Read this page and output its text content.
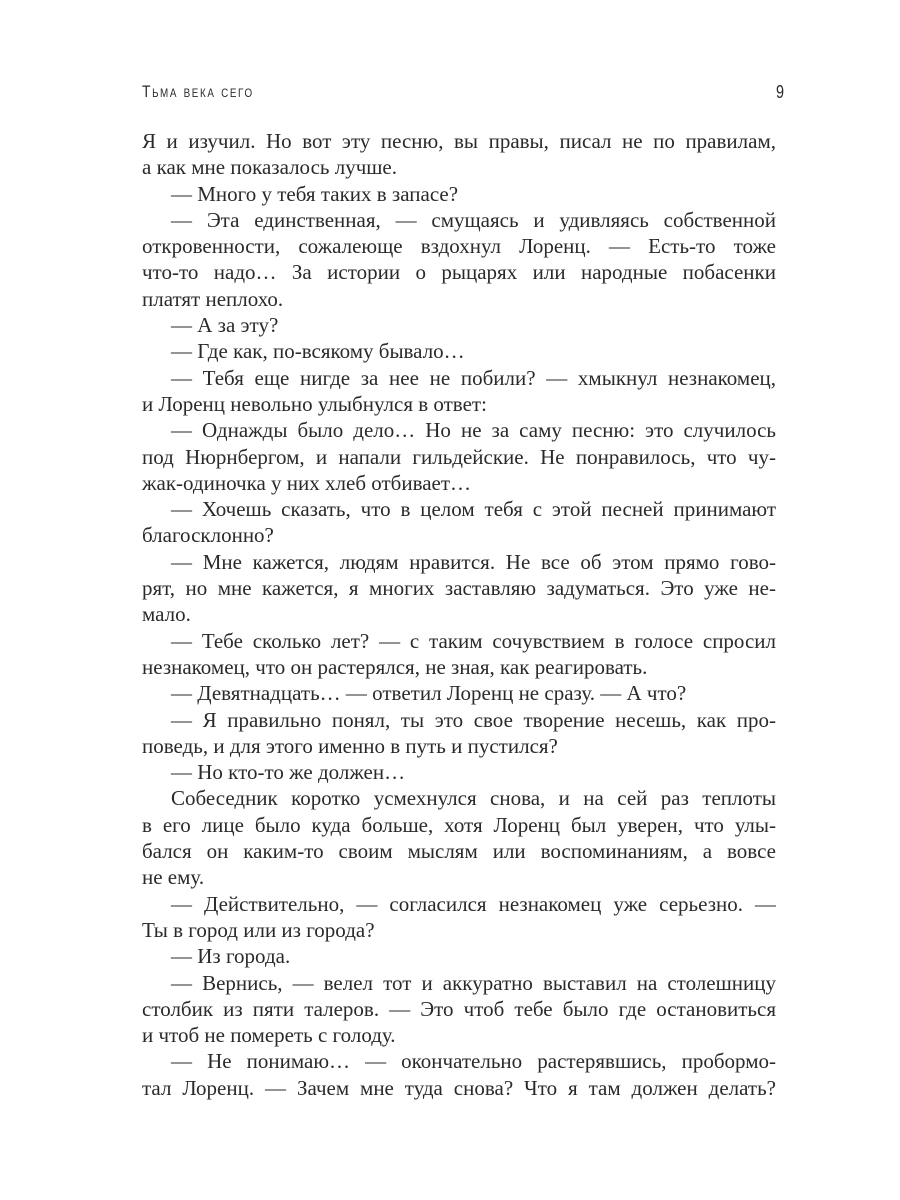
Тьма века сего	9
Я и изучил. Но вот эту песню, вы правы, писал не по правилам,
а как мне показалось лучше.
— Много у тебя таких в запасе?
— Эта единственная, — смущаясь и удивляясь собственной
откровенности, сожалеюще вздохнул Лоренц. — Есть-то тоже
что-то надо… За истории о рыцарях или народные побасенки
платят неплохо.
— А за эту?
— Где как, по-всякому бывало…
— Тебя еще нигде за нее не побили? — хмыкнул незнакомец,
и Лоренц невольно улыбнулся в ответ:
— Однажды было дело… Но не за саму песню: это случилось
под Нюрнбергом, и напали гильдейские. Не понравилось, что чу-
жак-одиночка у них хлеб отбивает…
— Хочешь сказать, что в целом тебя с этой песней принимают
благосклонно?
— Мне кажется, людям нравится. Не все об этом прямо гово-
рят, но мне кажется, я многих заставляю задуматься. Это уже не-
мало.
— Тебе сколько лет? — с таким сочувствием в голосе спросил
незнакомец, что он растерялся, не зная, как реагировать.
— Девятнадцать… — ответил Лоренц не сразу. — А что?
— Я правильно понял, ты это свое творение несешь, как про-
поведь, и для этого именно в путь и пустился?
— Но кто-то же должен…
Собеседник коротко усмехнулся снова, и на сей раз теплоты
в его лице было куда больше, хотя Лоренц был уверен, что улы-
бался он каким-то своим мыслям или воспоминаниям, а вовсе
не ему.
— Действительно, — согласился незнакомец уже серьезно. —
Ты в город или из города?
— Из города.
— Вернись, — велел тот и аккуратно выставил на столешницу
столбик из пяти талеров. — Это чтоб тебе было где остановиться
и чтоб не помереть с голоду.
— Не понимаю… — окончательно растерявшись, пробормо-
тал Лоренц. — Зачем мне туда снова? Что я там должен делать?
